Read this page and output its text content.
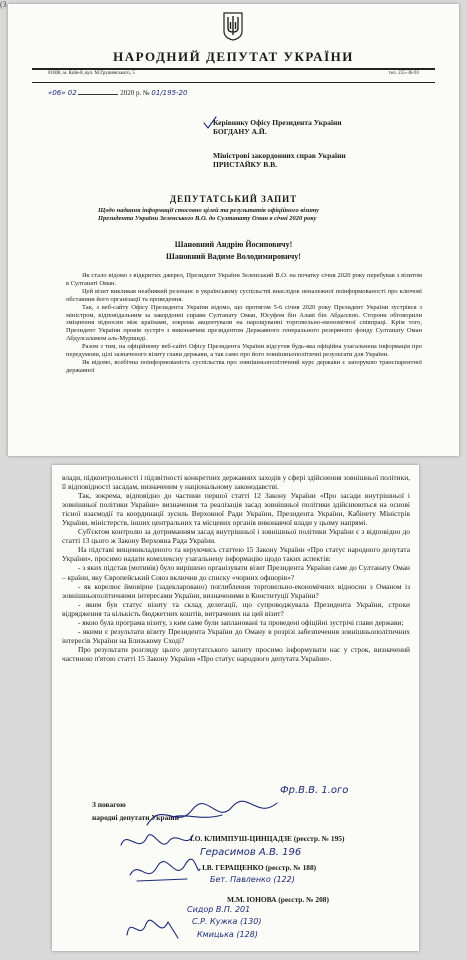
(3
НАРОДНИЙ ДЕПУТАТ УКРАЇНИ
01008, м. Київ-8, вул. М.Грушевського, 5	тел. 255-36-93
«06» 02	2020 р. № 01/195-20
Керівнику Офісу Президента України
БОГДАНУ А.Й.
Міністрові закордонних справ України
ПРИСТАЙКУ В.В.
ДЕПУТАТСЬКИЙ ЗАПИТ
Щодо надання інформації стосовно цілей та результатів офіційного візиту Президента України Зеленського В.О. до Султанату Оман в січні 2020 року
Шановний Андрію Йосиповичу!
Шановний Вадиме Володимировичу!

Як стало відомо з відкритих джерел, Президент України Зеленський В.О. на початку січня 2020 року перебував з візитом в Султанаті Оман.

Цей візит викликав неабиякий резонанс в українському суспільстві внаслідок неналежної поінформованості про ключові обставини його організації та проведення.

Так, з веб-сайту Офісу Президента України відомо, що протягом 5-6 січня 2020 року Президент України зустрівся з міністром, відповідальним за закордонні справи Султанату Оман, Юсуфом бін Алаві бін Абдаллою. Сторони обговорили зміцнення відносин між країнами, зокрема акцентували на нарощуванні торговельно-економічної співпраці. Крім того, Президент України провів зустріч з виконавчим президентом Державного генерального резервного фонду Султанату Оман Абдулсаламом аль-Муршиді.

Разом з тим, на офіційному веб-сайті Офісу Президента України відсутня будь-яка офіційна узагальнена інформація про передумови, цілі зазначеного візиту глави держави, а так само про його зовнішньополітичні результати для України.

Як відомо, всебічна поінформованість суспільства про зовнішньополітичний курс держави є запорукою транспарентної державної

влади, підконтрольності і підзвітності конкретних державних заходів у сфері здійснення зовнішньої політики, її відповідності засадам, визначеним у національному законодавстві.

Так, зокрема, відповідно до частини першої статті 12 Закону України «Про засади внутрішньої і зовнішньої політики України» визначення та реалізація засад зовнішньої політики здійснюються на основі тісної взаємодії та координації зусиль Верховної Ради України, Президента України, Кабінету Міністрів України, міністерств, інших центральних та місцевих органів виконавчої влади у цьому напрямі.

Суб'єктом контролю за дотриманням засад внутрішньої і зовнішньої політики України є з відповідно до статті 13 цього ж Закону Верховна Рада України.

На підставі вищевикладеного та керуючись статтею 15 Закону України «Про статус народного депутата України», просимо надати комплексну узагальнену інформацію щодо таких аспектів:

- з яких підстав (мотивів) було вирішено організувати візит Президента України саме до Султанату Оман – країни, яку Європейський Союз включив до списку «чорних офшорів»?

- як корелює ймовірне (задекларовано) поглиблення торговельно-економічних відносин з Оманом із зовнішньополітичними інтересами України, визначеними в Конституції України?

- яким був статус візиту та склад делегації, що супроводжувала Президента України, строки відрядження та кількість бюджетних коштів, витрачених на цей візит?

- якою була програма візиту, з ким саме були заплановані та проведені офіційні зустрічі глави держави;

- якими є результати візиту Президента України до Оману в розрізі забезпечення зовнішньополітичних інтересів України на Близькому Сході?

Про результати розгляду цього депутатського запиту просимо інформувати нас у строк, визначений частиною п'ятою статті 15 Закону України «Про статус народного депутата України».

З повагою
народні депутати України
І.О. КЛИМПУШ-ЦИНЦАДЗЕ (реєстр. № 195)
І.В. ГЕРАЩЕНКО (реєстр. № 188)
М.М. ІОНОВА (реєстр. № 208)
Фр.В.В. 1.ого
Герасимов А.В. 196
Бет. Павленко (122)
Сидор В.П. 201
С.Р. Кужка (130)
Кмицька (128)
